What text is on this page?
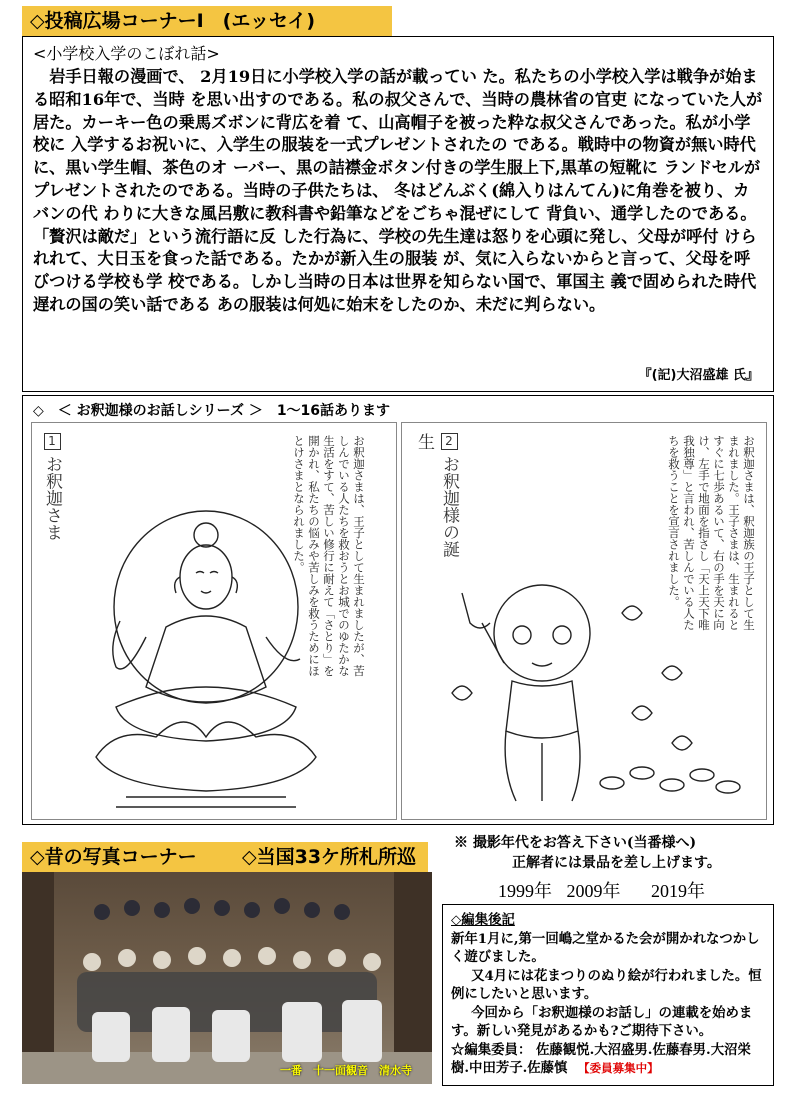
◇投稿広場コーナーⅠ　(エッセイ)
<小学校入学のこぼれ話>
岩手日報の漫画で、 2月19日に小学校入学の話が載ってい た。私たちの小学校入学は戦争が始まる昭和16年で、当時 を思い出すのである。私の叔父さんで、当時の農林省の官吏 になっていた人が居た。カーキー色の乗馬ズボンに背広を着 て、山高帽子を被った粋な叔父さんであった。私が小学校に 入学するお祝いに、入学生の服装を一式プレゼントされたの である。戦時中の物資が無い時代に、黒い学生帽、茶色のオ ーバー、黒の詰襟金ボタン付きの学生服上下,黒革の短靴に ランドセルがプレゼントされたのである。当時の子供たちは、 冬はどんぶく(綿入りはんてん)に角巻を被り、カバンの代 わりに大きな風呂敷に教科書や鉛筆などをごちゃ混ぜにして 背負い、通学したのである。 「贅沢は敵だ」という流行語に反 した行為に、学校の先生達は怒りを心頭に発し、父母が呼付 けられれて、大日玉を食った話である。たかが新入生の服装 が、気に入らないからと言って、父母を呼びつける学校も学 校である。しかし当時の日本は世界を知らない国で、軍国主 義で固められた時代遅れの国の笑い話である あの服装は何処に始末をしたのか、未だに判らない。
『(記)大沼盛雄 氏』
◇　＜ お釈迦様のお話しシリーズ ＞　1～16話あります
1 お釈迦さま	お釈迦さまは、王子として生まれましたが、苦しんでいる人たちを救おうとお城でのゆたかな生活をすて、苦しい修行に耐えて「さとり」を開かれ、私たちの悩みや苦しみを救うためにほとけさまとなられました。	2 お釈迦様の誕生	お釈迦さまは、釈迦族の王子として生まれました。王子さまは、生まれるとすぐに七歩あるいて、右の手を天に向け、左手で地面を指さし「天上天下唯我独尊」と言われ、苦しんでいる人たちを救うことを宣言されました。
◇昔の写真コーナー	◇当国33ケ所札所巡
一番　十一面観音　清水寺
※ 撮影年代をお答え下さい(当番様へ)
正解者には景品を差し上げます。
1999年 2009年 2019年
◇編集後記
新年1月に,第一回嶋之堂かるた会が開かれなつかしく遊びました。
又4月には花まつりのぬり絵が行われました。恒例にしたいと思います。
今回から「お釈迦様のお話し」の連載を始めます。新しい発見があるかも?ご期待下さい。
☆編集委員： 佐藤観悦.大沼盛男.佐藤春男.大沼栄樹.中田芳子.佐藤慎 【委員募集中】
